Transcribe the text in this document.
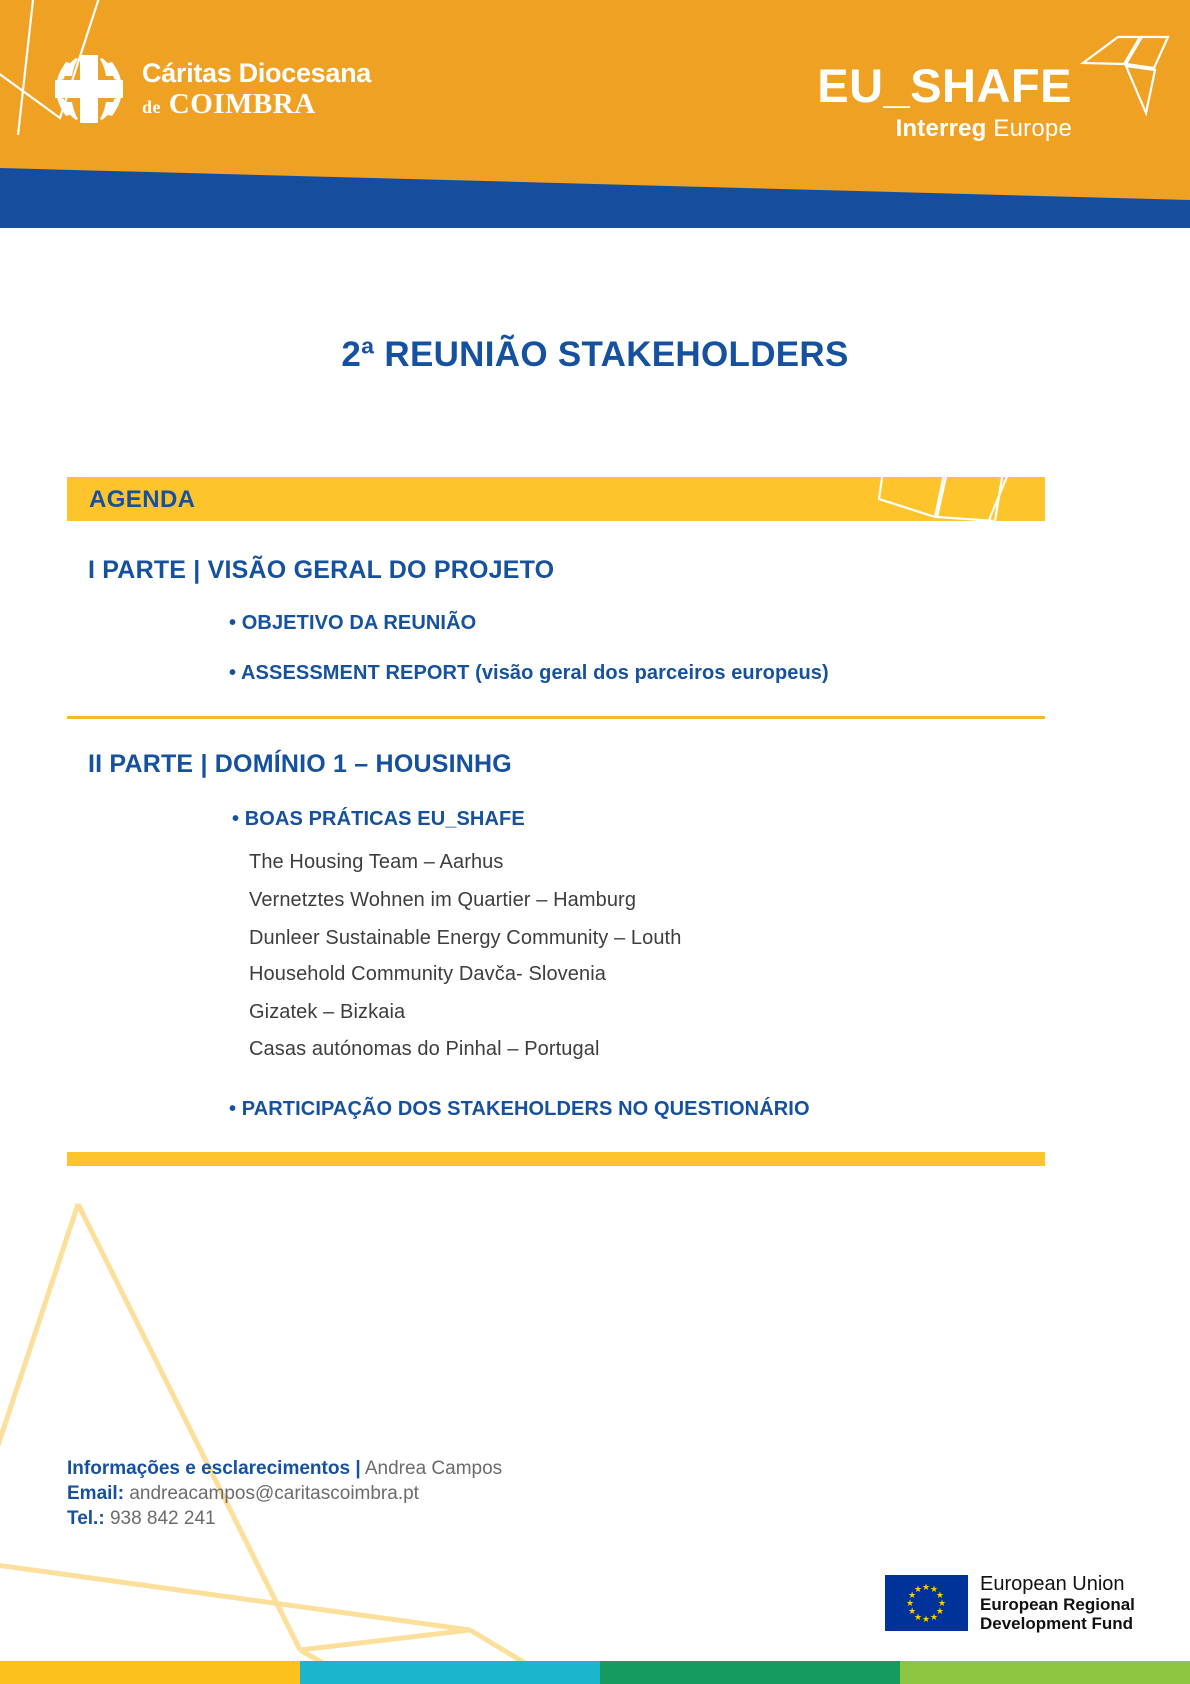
Cáritas Diocesana
de COIMBRA	EU_SHAFE
Interreg Europe
2ª REUNIÃO STAKEHOLDERS
AGENDA
I PARTE | VISÃO GERAL DO PROJETO
• OBJETIVO DA REUNIÃO
• ASSESSMENT REPORT (visão geral dos parceiros europeus)
II PARTE | DOMÍNIO 1 – HOUSINHG
• BOAS PRÁTICAS EU_SHAFE
The Housing Team – Aarhus
Vernetztes Wohnen im Quartier – Hamburg
Dunleer Sustainable Energy Community – Louth
Household Community Davča- Slovenia
Gizatek – Bizkaia
Casas autónomas do Pinhal – Portugal
• PARTICIPAÇÃO DOS STAKEHOLDERS NO QUESTIONÁRIO
Informações e esclarecimentos | Andrea Campos
Email: andreacampos@caritascoimbra.pt
Tel.: 938 842 241
★ ★
★
★
★
★
★
★
★
★
★
★	European Union
European Regional
Development Fund
